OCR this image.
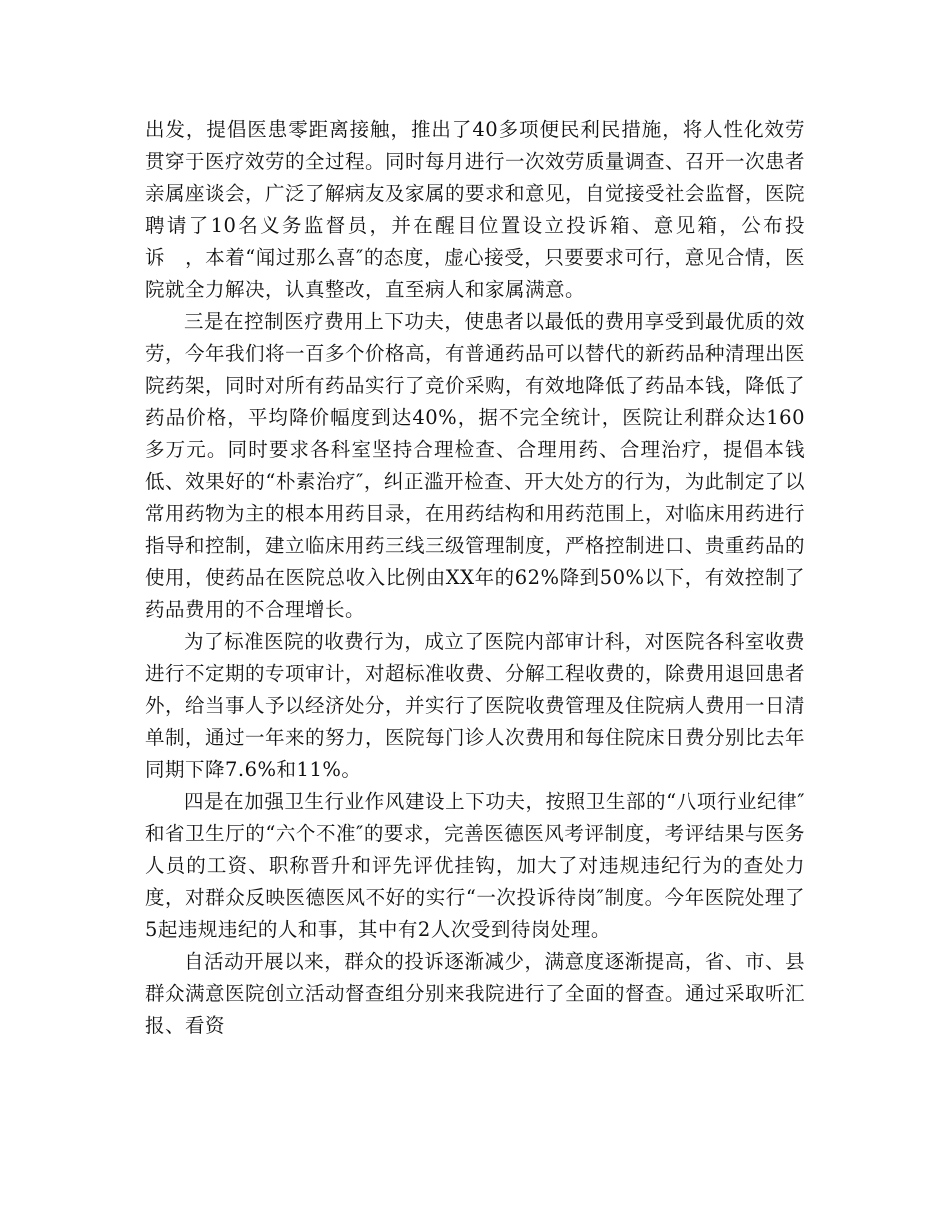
出发，提倡医患零距离接触，推出了40多项便民利民措施，将人性化效劳贯穿于医疗效劳的全过程。同时每月进行一次效劳质量调查、召开一次患者亲属座谈会，广泛了解病友及家属的要求和意见，自觉接受社会监督，医院聘请了10名义务监督员，并在醒目位置设立投诉箱、意见箱，公布投诉　，本着“闻过那么喜″的态度，虚心接受，只要要求可行，意见合情，医院就全力解决，认真整改，直至病人和家属满意。

三是在控制医疗费用上下功夫，使患者以最低的费用享受到最优质的效劳，今年我们将一百多个价格高，有普通药品可以替代的新药品种清理出医院药架，同时对所有药品实行了竞价采购，有效地降低了药品本钱，降低了药品价格，平均降价幅度到达40%，据不完全统计，医院让利群众达160多万元。同时要求各科室坚持合理检查、合理用药、合理治疗，提倡本钱低、效果好的“朴素治疗″，纠正滥开检查、开大处方的行为，为此制定了以常用药物为主的根本用药目录，在用药结构和用药范围上，对临床用药进行指导和控制，建立临床用药三线三级管理制度，严格控制进口、贵重药品的使用，使药品在医院总收入比例由XX年的62%降到50%以下，有效控制了药品费用的不合理增长。

为了标准医院的收费行为，成立了医院内部审计科，对医院各科室收费进行不定期的专项审计，对超标准收费、分解工程收费的，除费用退回患者外，给当事人予以经济处分，并实行了医院收费管理及住院病人费用一日清单制，通过一年来的努力，医院每门诊人次费用和每住院床日费分别比去年同期下降7.6%和11%。

四是在加强卫生行业作风建设上下功夫，按照卫生部的“八项行业纪律″和省卫生厅的“六个不准″的要求，完善医德医风考评制度，考评结果与医务人员的工资、职称晋升和评先评优挂钩，加大了对违规违纪行为的查处力度，对群众反映医德医风不好的实行“一次投诉待岗″制度。今年医院处理了5起违规违纪的人和事，其中有2人次受到待岗处理。

自活动开展以来，群众的投诉逐渐减少，满意度逐渐提高，省、市、县群众满意医院创立活动督查组分别来我院进行了全面的督查。通过采取听汇报、看资
